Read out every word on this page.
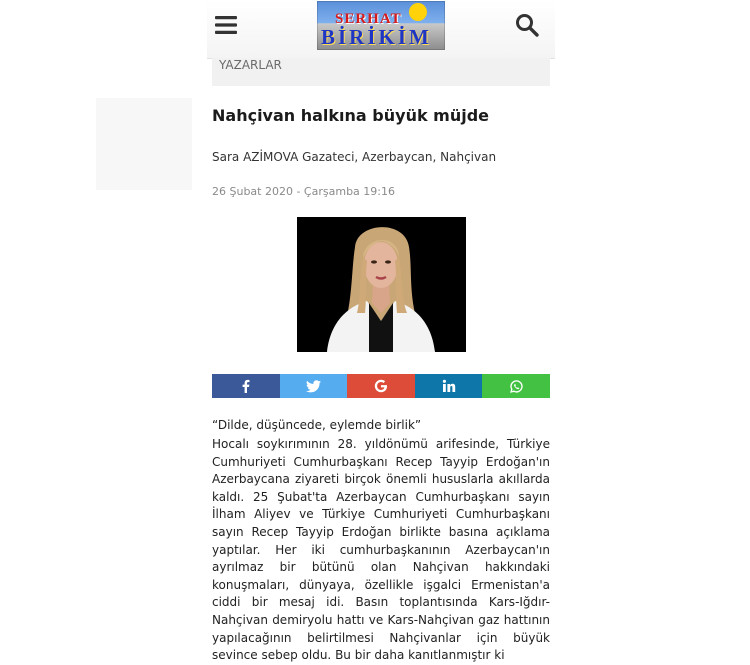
SERHAT
BİRİKİM
YAZARLAR
Nahçivan halkına büyük müjde
Sara AZİMOVA Gazateci, Azerbaycan, Nahçivan
26 Şubat 2020 - Çarşamba 19:16
“Dilde, düşüncede, eylemde birlik”
Hocalı soykırımının 28. yıldönümü arifesinde, Türkiye Cumhuriyeti Cumhurbaşkanı Recep Tayyip Erdoğan'ın Azerbaycana ziyareti birçok önemli hususlarla akıllarda kaldı. 25 Şubat'ta Azerbaycan Cumhurbaşkanı sayın İlham Aliyev ve Türkiye Cumhuriyeti Cumhurbaşkanı sayın Recep Tayyip Erdoğan birlikte basına açıklama yaptılar. Her iki cumhurbaşkanının Azerbaycan'ın ayrılmaz bir bütünü olan Nahçivan hakkındaki konuşmaları, dünyaya, özellikle işgalci Ermenistan'a ciddi bir mesaj idi. Basın toplantısında Kars-Iğdır-Nahçivan demiryolu hattı ve Kars-Nahçivan gaz hattının yapılacağının belirtilmesi Nahçivanlar için büyük sevince sebep oldu. Bu bir daha kanıtlanmıştır ki
